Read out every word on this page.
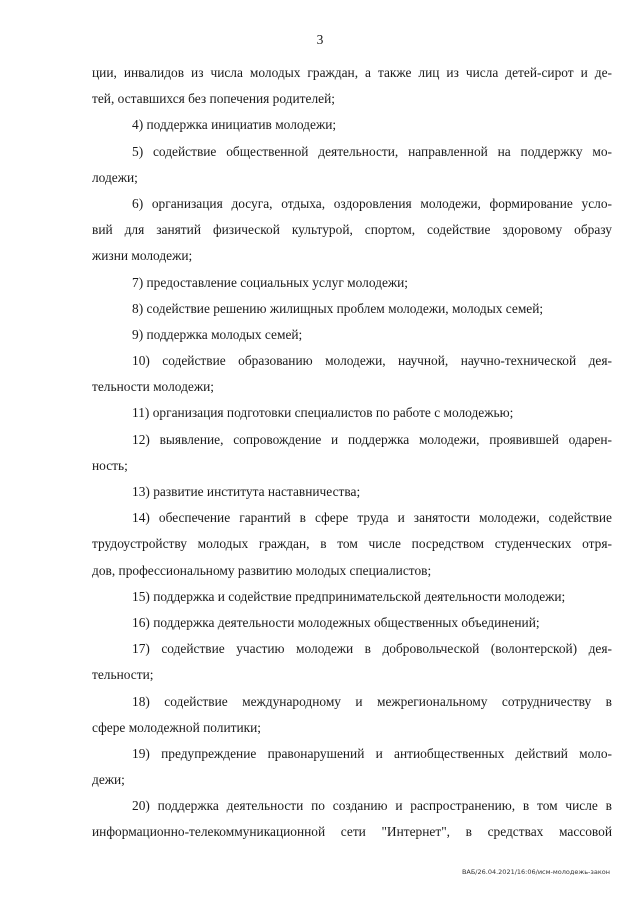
3
ции, инвалидов из числа молодых граждан, а также лиц из числа детей-сирот и де-
тей, оставшихся без попечения родителей;
4) поддержка инициатив молодежи;
5) содействие общественной деятельности, направленной на поддержку мо-
лодежи;
6) организация досуга, отдыха, оздоровления молодежи, формирование усло-
вий для занятий физической культурой, спортом, содействие здоровому образу
жизни молодежи;
7) предоставление социальных услуг молодежи;
8) содействие решению жилищных проблем молодежи, молодых семей;
9) поддержка молодых семей;
10) содействие образованию молодежи, научной, научно-технической дея-
тельности молодежи;
11) организация подготовки специалистов по работе с молодежью;
12) выявление, сопровождение и поддержка молодежи, проявившей одарен-
ность;
13) развитие института наставничества;
14) обеспечение гарантий в сфере труда и занятости молодежи, содействие
трудоустройству молодых граждан, в том числе посредством студенческих отря-
дов, профессиональному развитию молодых специалистов;
15) поддержка и содействие предпринимательской деятельности молодежи;
16) поддержка деятельности молодежных общественных объединений;
17) содействие участию молодежи в добровольческой (волонтерской) дея-
тельности;
18) содействие международному и межрегиональному сотрудничеству в
сфере молодежной политики;
19) предупреждение правонарушений и антиобщественных действий моло-
дежи;
20) поддержка деятельности по созданию и распространению, в том числе в
информационно-телекоммуникационной сети "Интернет", в средствах массовой
ВАБ/26.04.2021/16:06/исм-молодежь-закон
